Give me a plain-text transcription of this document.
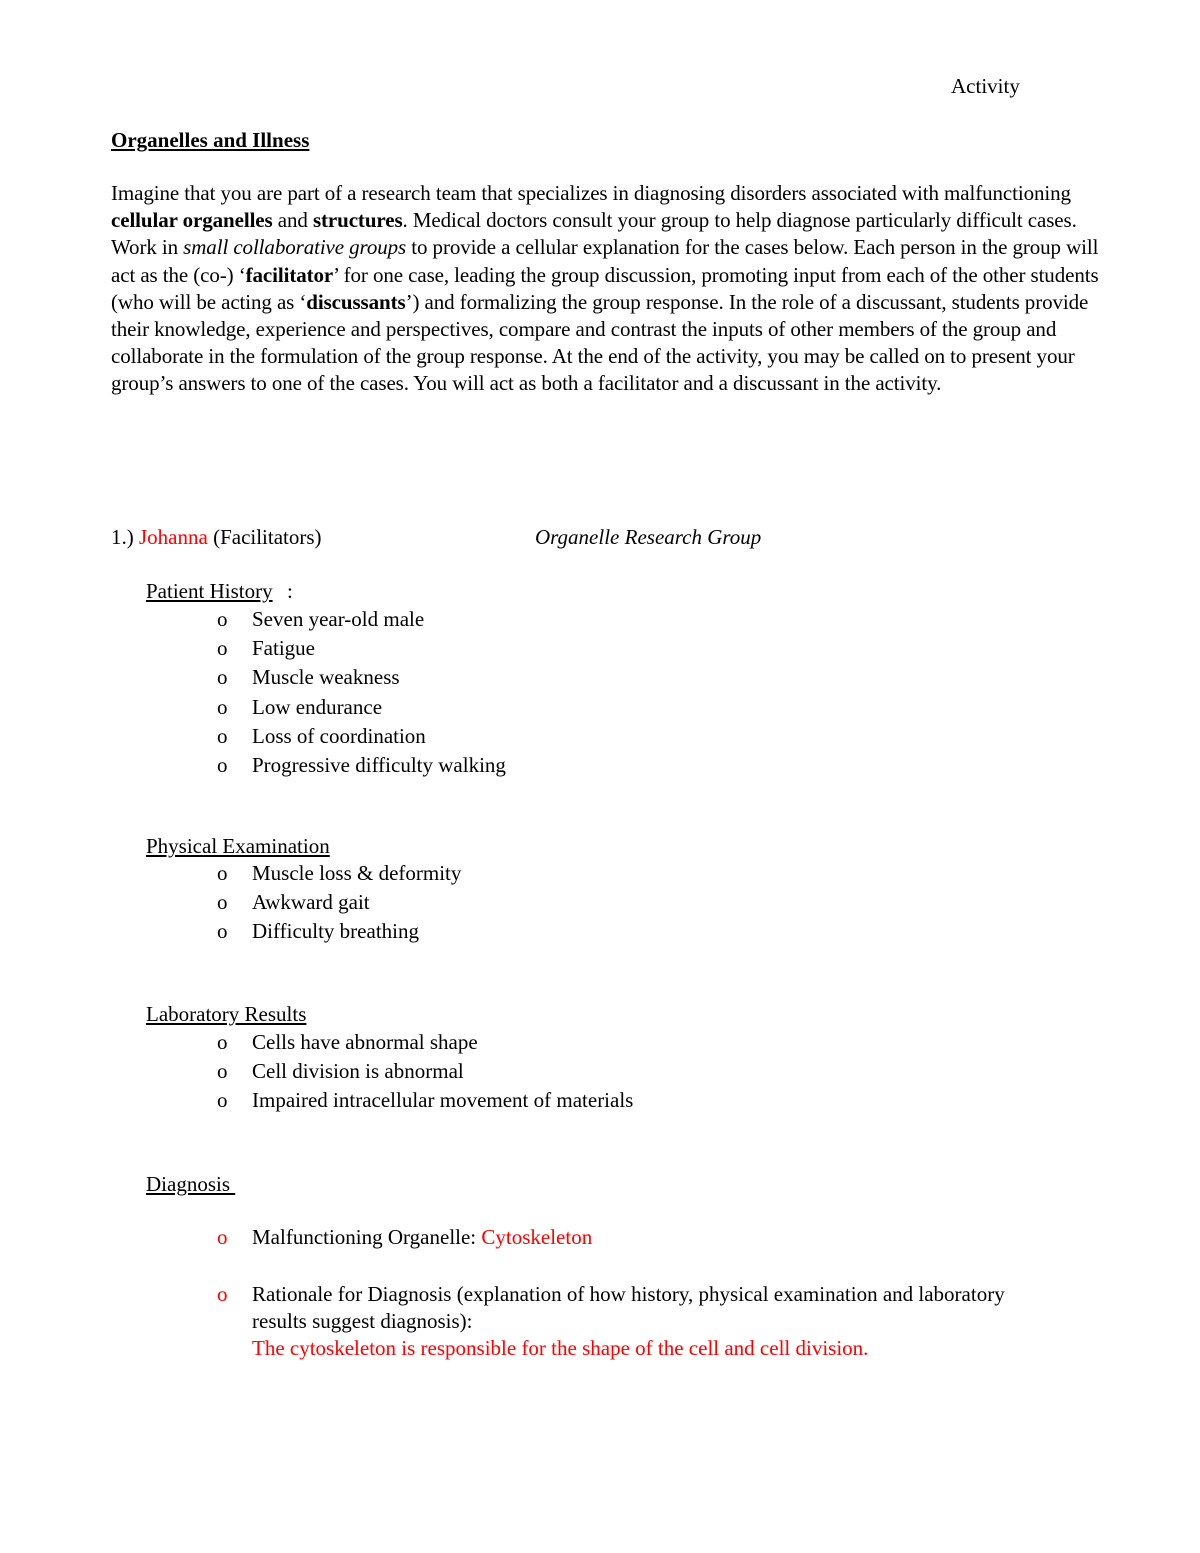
Activity
Organelles and Illness
Imagine that you are part of a research team that specializes in diagnosing disorders associated with malfunctioning cellular organelles and structures. Medical doctors consult your group to help diagnose particularly difficult cases. Work in small collaborative groups to provide a cellular explanation for the cases below. Each person in the group will act as the (co-) ‘facilitator’ for one case, leading the group discussion, promoting input from each of the other students (who will be acting as ‘discussants’) and formalizing the group response. In the role of a discussant, students provide their knowledge, experience and perspectives, compare and contrast the inputs of other members of the group and collaborate in the formulation of the group response. At the end of the activity, you may be called on to present your group’s answers to one of the cases. You will act as both a facilitator and a discussant in the activity.
1.) Johanna (Facilitators)	Organelle Research Group
Patient History :
o Seven year-old male
o Fatigue
o Muscle weakness
o Low endurance
o Loss of coordination
o Progressive difficulty walking
Physical Examination
o Muscle loss & deformity
o Awkward gait
o Difficulty breathing
Laboratory Results
o Cells have abnormal shape
o Cell division is abnormal
o Impaired intracellular movement of materials
Diagnosis
o Malfunctioning Organelle: Cytoskeleton
o Rationale for Diagnosis (explanation of how history, physical examination and laboratory results suggest diagnosis):
The cytoskeleton is responsible for the shape of the cell and cell division.
